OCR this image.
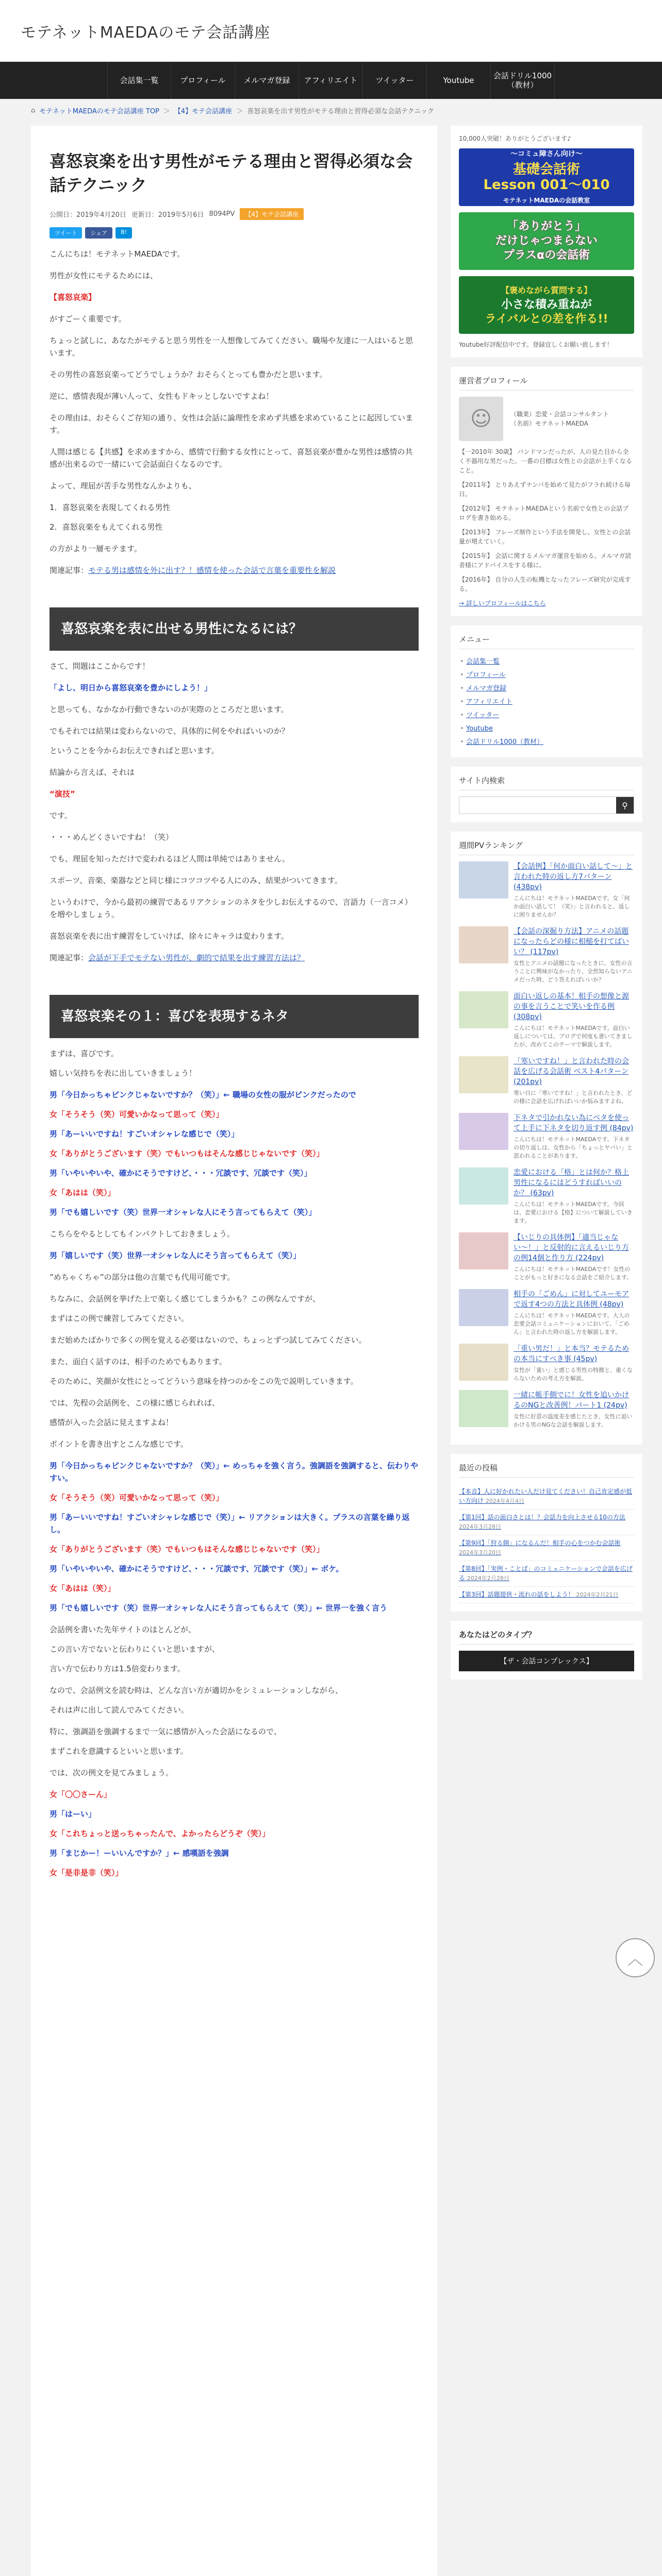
モテネットMAEDAのモテ会話講座
会話集一覧	プロフィール	メルマガ登録	アフィリエイト	ツイッター	Youtube	会話ドリル1000（教材）
⌂ モテネットMAEDAのモテ会話講座 TOP ＞ 【4】モテ会話講座 ＞ 喜怒哀楽を出す男性がモテる理由と習得必須な会話テクニック
喜怒哀楽を出す男性がモテる理由と習得必須な会話テクニック
公開日：2019年4月20日 更新日：2019年5月6日 8094PV	【4】モテ会話講座
ツイート	シェア	B!

こんにちは！モテネットMAEDAです。

男性が女性にモテるためには、

【喜怒哀楽】

がすごーく重要です。

ちょっと試しに、あなたがモテると思う男性を一人想像してみてください。職場や友達に一人はいると思います。

その男性の喜怒哀楽ってどうでしょうか？おそらくとっても豊かだと思います。

逆に、感情表現が薄い人って、女性もドキッとしないですよね！

その理由は、おそらくご存知の通り、女性は会話に論理性を求めず共感を求めていることに起因しています。

人間は感じる【共感】を求めますから、感情で行動する女性にとって、喜怒哀楽が豊かな男性は感情の共感が出来るので一緒にいて会話面白くなるのです。

よって、理屈が苦手な男性なんかよりも、

1．喜怒哀楽を表現してくれる男性

2．喜怒哀楽をもえてくれる男性

の方がより一層モテます。

関連記事：モテる男は感情を外に出す？！感情を使った会話で言葉を重要性を解説

喜怒哀楽を表に出せる男性になるには？

さて、問題はここからです！

「よし、明日から喜怒哀楽を豊かにしよう！」

と思っても、なかなか行動できないのが実際のところだと思います。

でもそれでは結果は変わらないので、具体的に何をやればいいのか？

ということを今からお伝えできればと思います。

結論から言えば、それは

“演技”

です。

・・・めんどくさいですね！（笑）

でも、理屈を知っただけで変われるほど人間は単純ではありません。

スポーツ、音楽、楽器などと同じ様にコツコツやる人にのみ、結果がついてきます。

というわけで、今から最初の練習であるリアクションのネタを少しお伝えするので、言語力（一言コメ）を増やしましょう。

喜怒哀楽を表に出す練習をしていけば、徐々にキャラは変わります。

関連記事：会話が下手でモテない男性が、劇的で結果を出す練習方法は？

喜怒哀楽その１：喜びを表現するネタ

まずは、喜びです。

嬉しい気持ちを表に出していきましょう！

男「今日かっちゃピンクじゃないですか？（笑）」← 職場の女性の服がピンクだったので

女「そうそう（笑）可愛いかなって思って（笑）」

男「あーいいですね！すごいオシャレな感じで（笑）」

女「ありがとうございます（笑）でもいつもはそんな感じじゃないです（笑）」

男「いやいやいや、確かにそうですけど、・・・冗談です、冗談です（笑）」

女「あはは（笑）」

男「でも嬉しいです（笑）世界一オシャレな人にそう言ってもらえて（笑）」

こちらをやるとしてもインパクトしておきましょう。

男「嬉しいです（笑）世界一オシャレな人にそう言ってもらえて（笑）」

”めちゃくちゃ”の部分は他の言葉でも代用可能です。

ちなみに、会話例を挙げた上で楽しく感じてしまうかも？この例なんですが、

まずはこの例で練習してみてください。

まだ始めたばかりで多くの例を覚える必要はないので、ちょっとずつ試してみてください。

また、面白く話すのは、相手のためでもあります。

そのために、笑顔が女性にとってどういう意味を持つのかをこの先で説明していきます。

では、先程の会話例を、この様に感じられれば、

感情が入った会話に見えますよね！

ポイントを書き出すとこんな感じです。

男「今日かっちゃピンクじゃないですか？（笑）」← めっちゃを強く言う。強調語を強調すると、伝わりやすい。

女「そうそう（笑）可愛いかなって思って（笑）」

男「あーいいですね！すごいオシャレな感じで（笑）」← リアクションは大きく。プラスの言葉を繰り返し。

女「ありがとうございます（笑）でもいつもはそんな感じじゃないです（笑）」

男「いやいやいや、確かにそうですけど、・・・冗談です、冗談です（笑）」← ボケ。

女「あはは（笑）」

男「でも嬉しいです（笑）世界一オシャレな人にそう言ってもらえて（笑）」← 世界一を強く言う

会話例を書いた先年サイトのほとんどが、

この言い方でないと伝わりにくいと思いますが、

言い方で伝わり方は1.5倍変わります。

なので、会話例文を読む時は、どんな言い方が適切かをシミュレーションしながら、

それは声に出して読んでみてください。

特に、強調語を強調するまで一気に感情が入った会話になるので、

まずこれを意識するといいと思います。

では、次の例文を見てみましょう。

女「〇〇さーん」

男「はーい」

女「これちょっと送っちゃったんで、よかったらどうぞ（笑）」

男「まじかー！ーいいんですか？」← 感嘆語を強調

女「是非是非（笑）」

10,000人突破！ありがとうございます♪
～コミュ障さん向け～
基礎会話術
Lesson 001～010
モテネットMAEDAの会話教室
「ありがとう」
だけじゃつまらない
プラスαの会話術
【褒めながら質問する】
小さな積み重ねが
ライバルとの差を作る!!
Youtube好評配信中です。登録宜しくお願い致します！
運営者プロフィール
☺	（職業）恋愛・会話コンサルタント
（名前）モテネットMAEDA

【一2010年 30歳】 バンドマンだったが、人の見た目から全く不器用な男だった。一番の目標は女性との会話が上手くなること。

【2011年】 とりあえずナンパを始めて見たがフラれ続ける毎日。

【2012年】 モテネットMAEDAという名前で女性との会話ブログを書き始める。

【2013年】 フレーズ制作という手法を開発し、女性との会話量が増えていく。

【2015年】 会話に関するメルマガ運営を始める。メルマガ読者様にアドバイスをする様に。

【2016年】 自分の人生の転機となったフレーズ研究が完成する。

→ 詳しいプロフィールはこちら

メニュー
• 会話集一覧
• プロフィール
• メルマガ登録
• アフィリエイト
• ツイッター
• Youtube
• 会話ドリル1000（教材）
サイト内検索
⚲
週間PVランキング
【会話例】「何か面白い話して〜」と言われた時の返し方7パターン (438pv)
こんにちは！モテネットMAEDAです。女「何か面白い話して！（笑）」と言われると、返しに困りませんか？
【会話の深掘り方法】アニメの話題になったらどの様に相槌を打てばいい？ (117pv)
女性とアニメの話題になったときに、女性の言うことに興味がなかったり、全然知らないアニメだった時、どう答えればいいか？
面白い返しの基本！相手の想像と源の事を言うことで笑いを作る例 (308pv)
こんにちは！モテネットMAEDAです。面白い返しについては、ブログで何度も書いてきましたが、改めてこのテーマで解説します。
「寒いですね！」と言われた時の会話を広げる会話術 ベスト4パターン (201pv)
寒い日に「寒いですね！」と言われたとき、どの様に会話を広げればいいか悩みますよね。
下ネタで引かれない為にベタを使って上手に下ネタを切り返す例 (84pv)
こんにちは！モテネットMAEDAです。下ネタの切り返しは、女性から「ちょっとヤバい」と思われることがあります。
恋愛における「格」とは何か？格上男性になるにはどうすればいいのか？ (63pv)
こんにちは！モテネットMAEDAです。今回は、恋愛における【格】について解説していきます。
【いじりの具体例】「適当じゃない〜！」と反射的に言えるいじり方の例14個と作り方 (224pv)
こんにちは！モテネットMAEDAです！女性のことがもっと好きになる会話をご紹介します。
相手の「ごめん」に対してユーモアで返す4つの方法と具体例 (48pv)
こんにちは！モテネットMAEDAです。大人の恋愛会話コミュニケーションにおいて、「ごめん」と言われた時の返し方を解説します。
「重い男だ！」と本当？モテるための本当にすべき事 (45pv)
女性が「重い」と感じる男性の特徴と、重くならないための考え方を解説。
一緒に帳手側でに！女性を追いかけるのNGと改善例！パート1 (24pv)
女性に好意の温度差を感じたとき、女性に追いかける男のNGな会話を解説します。
最近の投稿
【本音】人に好かれたい人だけ見てください！自己肯定感が低い方向け 2024年4月4日
【第1回】話の面白さとは！？会話力を向上させる10の方法 2024年3月28日
【第9回】「狩る側」になるんだ！相手の心をつかむ会話術 2024年3月20日
【第8回】「実例・ことば」のコミュニケーションで会話を広げる 2024年2月28日
【第3回】話題提供・流れの話をしよう！ 2024年2月21日
あなたはどのタイプ？
【ザ・会話コンプレックス】
︿
